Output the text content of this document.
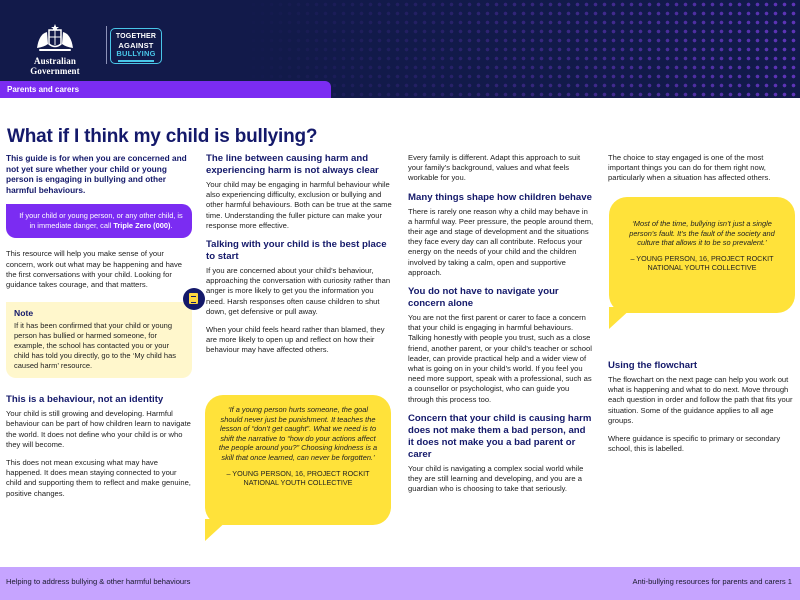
Australian Government
TOGETHER
AGAINST
BULLYING
Parents and carers
What if I think my child is bullying?
This guide is for when you are concerned and not yet sure whether your child or young person is engaging in bullying and other harmful behaviours.
If your child or young person, or any other child, is in immediate danger, call Triple Zero (000).

This resource will help you make sense of your concern, work out what may be happening and have the first conversations with your child. Looking for guidance takes courage, and that matters.

Note
If it has been confirmed that your child or young person has bullied or harmed someone, for example, the school has contacted you or your child has told you directly, go to the ‘My child has caused harm’ resource.
This is a behaviour, not an identity

Your child is still growing and developing. Harmful behaviour can be part of how children learn to navigate the world. It does not define who your child is or who they will become.

This does not mean excusing what may have happened. It does mean staying connected to your child and supporting them to reflect and make genuine, positive changes.

The line between causing harm and experiencing harm is not always clear

Your child may be engaging in harmful behaviour while also experiencing difficulty, exclusion or bullying and other harmful behaviours. Both can be true at the same time. Understanding the fuller picture can make your response more effective.

Talking with your child is the best place to start

If you are concerned about your child’s behaviour, approaching the conversation with curiosity rather than anger is more likely to get you the information you need. Harsh responses often cause children to shut down, get defensive or pull away.

When your child feels heard rather than blamed, they are more likely to open up and reflect on how their behaviour may have affected others.

‘If a young person hurts someone, the goal should never just be punishment. It teaches the lesson of “don’t get caught”. What we need is to shift the narrative to “how do your actions affect the people around you?” Choosing kindness is a skill that once learned, can never be forgotten.’
– YOUNG PERSON, 16, PROJECT ROCKIT NATIONAL YOUTH COLLECTIVE

Every family is different. Adapt this approach to suit your family’s background, values and what feels workable for you.

Many things shape how children behave

There is rarely one reason why a child may behave in a harmful way. Peer pressure, the people around them, their age and stage of development and the situations they face every day can all contribute. Refocus your energy on the needs of your child and the children involved by taking a calm, open and supportive approach.

You do not have to navigate your concern alone

You are not the first parent or carer to face a concern that your child is engaging in harmful behaviours. Talking honestly with people you trust, such as a close friend, another parent, or your child’s teacher or school leader, can provide practical help and a wider view of what is going on in your child’s world. If you feel you need more support, speak with a professional, such as a counsellor or psychologist, who can guide you through this process too.

Concern that your child is causing harm does not make them a bad person, and it does not make you a bad parent or carer

Your child is navigating a complex social world while they are still learning and developing, and you are a guardian who is choosing to take that seriously.

The choice to stay engaged is one of the most important things you can do for them right now, particularly when a situation has affected others.

‘Most of the time, bullying isn’t just a single person’s fault. It’s the fault of the society and culture that allows it to be so prevalent.’
– YOUNG PERSON, 16, PROJECT ROCKIT NATIONAL YOUTH COLLECTIVE
Using the flowchart

The flowchart on the next page can help you work out what is happening and what to do next. Move through each question in order and follow the path that fits your situation. Some of the guidance applies to all age groups.

Where guidance is specific to primary or secondary school, this is labelled.

Helping to address bullying & other harmful behaviours	Anti-bullying resources for parents and carers 1
